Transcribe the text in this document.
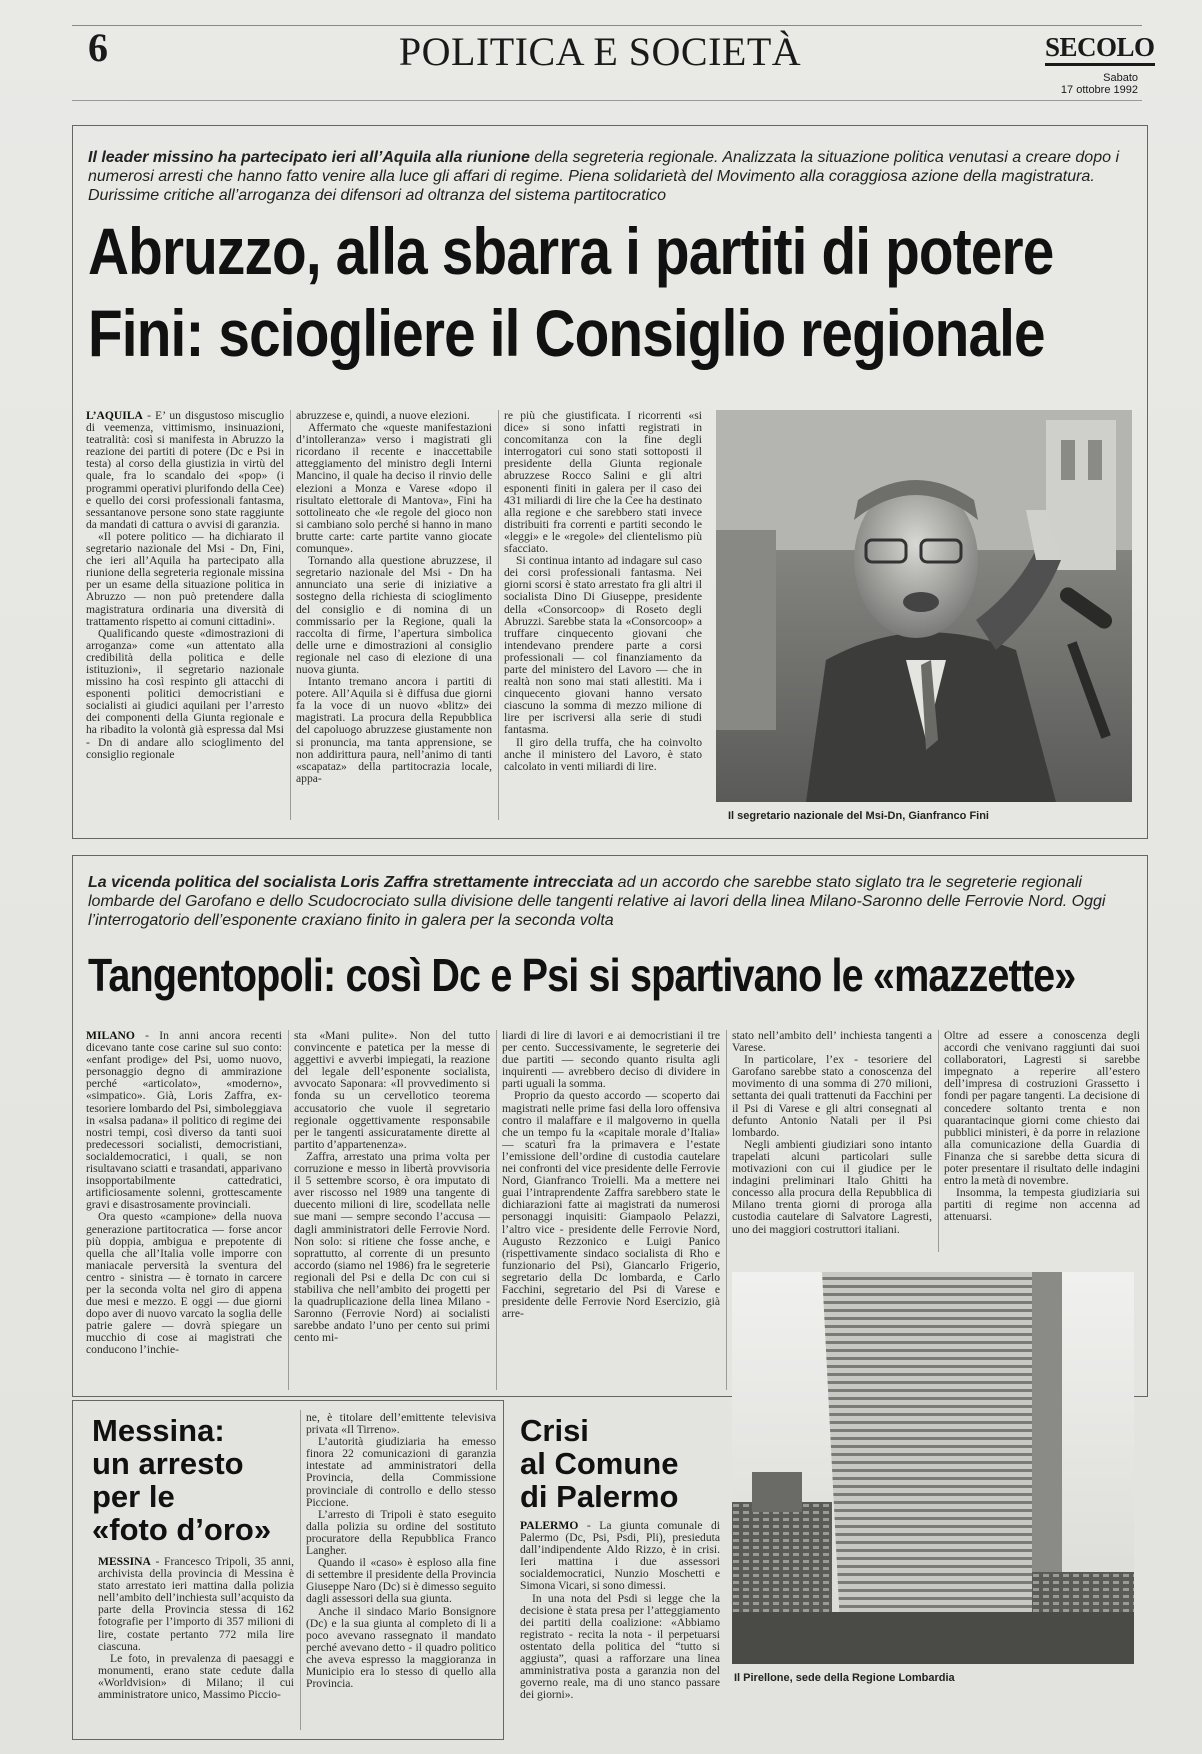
6	POLITICA E SOCIETÀ	SECOLO
Sabato
17 ottobre 1992
Il leader missino ha partecipato ieri all’Aquila alla riunione della segreteria regionale. Analizzata la situazione politica venutasi a creare dopo i numerosi arresti che hanno fatto venire alla luce gli affari di regime. Piena solidarietà del Movimento alla coraggiosa azione della magistratura. Durissime critiche all’arroganza dei difensori ad oltranza del sistema partitocratico
Abruzzo, alla sbarra i partiti di potere
Fini: sciogliere il Consiglio regionale

L’AQUILA - E’ un disgustoso miscuglio di veemenza, vittimismo, insinuazioni, teatralità: così si manifesta in Abruzzo la reazione dei partiti di potere (Dc e Psi in testa) al corso della giustizia in virtù del quale, fra lo scandalo dei «pop» (i programmi operativi plurifondo della Cee) e quello dei corsi professionali fantasma, sessantanove persone sono state raggiunte da mandati di cattura o avvisi di garanzia.

«Il potere politico — ha dichiarato il segretario nazionale del Msi - Dn, Fini, che ieri all’Aquila ha partecipato alla riunione della segreteria regionale missina per un esame della situazione politica in Abruzzo — non può pretendere dalla magistratura ordinaria una diversità di trattamento rispetto ai comuni cittadini».

Qualificando queste «dimostrazioni di arroganza» come «un attentato alla credibilità della politica e delle istituzioni», il segretario nazionale missino ha così respinto gli attacchi di esponenti politici democristiani e socialisti ai giudici aquilani per l’arresto dei componenti della Giunta regionale e ha ribadito la volontà già espressa dal Msi - Dn di andare allo scioglimento del consiglio regionale

abruzzese e, quindi, a nuove elezioni.

Affermato che «queste manifestazioni d’intolleranza» verso i magistrati gli ricordano il recente e inaccettabile atteggiamento del ministro degli Interni Mancino, il quale ha deciso il rinvio delle elezioni a Monza e Varese «dopo il risultato elettorale di Mantova», Fini ha sottolineato che «le regole del gioco non si cambiano solo perché si hanno in mano brutte carte: carte partite vanno giocate comunque».

Tornando alla questione abruzzese, il segretario nazionale del Msi - Dn ha annunciato una serie di iniziative a sostegno della richiesta di scioglimento del consiglio e di nomina di un commissario per la Regione, quali la raccolta di firme, l’apertura simbolica delle urne e dimostrazioni al consiglio regionale nel caso di elezione di una nuova giunta.

Intanto tremano ancora i partiti di potere. All’Aquila si è diffusa due giorni fa la voce di un nuovo «blitz» dei magistrati. La procura della Repubblica del capoluogo abruzzese giustamente non si pronuncia, ma tanta apprensione, se non addirittura paura, nell’animo di tanti «scapataz» della partitocrazia locale, appa-

re più che giustificata. I ricorrenti «si dice» si sono infatti registrati in concomitanza con la fine degli interrogatori cui sono stati sottoposti il presidente della Giunta regionale abruzzese Rocco Salini e gli altri esponenti finiti in galera per il caso dei 431 miliardi di lire che la Cee ha destinato alla regione e che sarebbero stati invece distribuiti fra correnti e partiti secondo le «leggi» e le «regole» del clientelismo più sfacciato.

Si continua intanto ad indagare sul caso dei corsi professionali fantasma. Nei giorni scorsi è stato arrestato fra gli altri il socialista Dino Di Giuseppe, presidente della «Consorcoop» di Roseto degli Abruzzi. Sarebbe stata la «Consorcoop» a truffare cinquecento giovani che intendevano prendere parte a corsi professionali — col finanziamento da parte del ministero del Lavoro — che in realtà non sono mai stati allestiti. Ma i cinquecento giovani hanno versato ciascuno la somma di mezzo milione di lire per iscriversi alla serie di studi fantasma.

Il giro della truffa, che ha coinvolto anche il ministero del Lavoro, è stato calcolato in venti miliardi di lire.

Il segretario nazionale del Msi-Dn, Gianfranco Fini
La vicenda politica del socialista Loris Zaffra strettamente intrecciata ad un accordo che sarebbe stato siglato tra le segreterie regionali lombarde del Garofano e dello Scudocrociato sulla divisione delle tangenti relative ai lavori della linea Milano-Saronno delle Ferrovie Nord. Oggi l’interrogatorio dell’esponente craxiano finito in galera per la seconda volta
Tangentopoli: così Dc e Psi si spartivano le «mazzette»

MILANO - In anni ancora recenti dicevano tante cose carine sul suo conto: «enfant prodige» del Psi, uomo nuovo, personaggio degno di ammirazione perché «articolato», «moderno», «simpatico». Già, Loris Zaffra, ex-tesoriere lombardo del Psi, simboleggiava in «salsa padana» il politico di regime dei nostri tempi, così diverso da tanti suoi predecessori socialisti, democristiani, socialdemocratici, i quali, se non risultavano sciatti e trasandati, apparivano insopportabilmente cattedratici, artificiosamente solenni, grottescamente gravi e disastrosamente provinciali.

Ora questo «campione» della nuova generazione partitocratica — forse ancor più doppia, ambigua e prepotente di quella che all’Italia volle imporre con maniacale perversità la sventura del centro - sinistra — è tornato in carcere per la seconda volta nel giro di appena due mesi e mezzo. E oggi — due giorni dopo aver di nuovo varcato la soglia delle patrie galere — dovrà spiegare un mucchio di cose ai magistrati che conducono l’inchie-

sta «Mani pulite». Non del tutto convincente e patetica per la messe di aggettivi e avverbi impiegati, la reazione del legale dell’esponente socialista, avvocato Saponara: «Il provvedimento si fonda su un cervellotico teorema accusatorio che vuole il segretario regionale oggettivamente responsabile per le tangenti assicuratamente dirette al partito d’appartenenza».

Zaffra, arrestato una prima volta per corruzione e messo in libertà provvisoria il 5 settembre scorso, è ora imputato di aver riscosso nel 1989 una tangente di duecento milioni di lire, scodellata nelle sue mani — sempre secondo l’accusa — dagli amministratori delle Ferrovie Nord. Non solo: si ritiene che fosse anche, e soprattutto, al corrente di un presunto accordo (siamo nel 1986) fra le segreterie regionali del Psi e della Dc con cui si stabiliva che nell’ambito dei progetti per la quadruplicazione della linea Milano - Saronno (Ferrovie Nord) ai socialisti sarebbe andato l’uno per cento sui primi cento mi-

liardi di lire di lavori e ai democristiani il tre per cento. Successivamente, le segreterie dei due partiti — secondo quanto risulta agli inquirenti — avrebbero deciso di dividere in parti uguali la somma.

Proprio da questo accordo — scoperto dai magistrati nelle prime fasi della loro offensiva contro il malaffare e il malgoverno in quella che un tempo fu la «capitale morale d’Italia» — scaturì fra la primavera e l’estate l’emissione dell’ordine di custodia cautelare nei confronti del vice presidente delle Ferrovie Nord, Gianfranco Troielli. Ma a mettere nei guai l’intraprendente Zaffra sarebbero state le dichiarazioni fatte ai magistrati da numerosi personaggi inquisiti: Giampaolo Pelazzi, l’altro vice - presidente delle Ferrovie Nord, Augusto Rezzonico e Luigi Panico (rispettivamente sindaco socialista di Rho e funzionario del Psi), Giancarlo Frigerio, segretario della Dc lombarda, e Carlo Facchini, segretario del Psi di Varese e presidente delle Ferrovie Nord Esercizio, già arre-

stato nell’ambito dell’ inchiesta tangenti a Varese.

In particolare, l’ex - tesoriere del Garofano sarebbe stato a conoscenza del movimento di una somma di 270 milioni, settanta dei quali trattenuti da Facchini per il Psi di Varese e gli altri consegnati al defunto Antonio Natali per il Psi lombardo.

Negli ambienti giudiziari sono intanto trapelati alcuni particolari sulle motivazioni con cui il giudice per le indagini preliminari Italo Ghitti ha concesso alla procura della Repubblica di Milano trenta giorni di proroga alla custodia cautelare di Salvatore Lagresti, uno dei maggiori costruttori italiani.

Oltre ad essere a conoscenza degli accordi che venivano raggiunti dai suoi collaboratori, Lagresti si sarebbe impegnato a reperire all’estero dell’impresa di costruzioni Grassetto i fondi per pagare tangenti. La decisione di concedere soltanto trenta e non quarantacinque giorni come chiesto dai pubblici ministeri, è da porre in relazione alla comunicazione della Guardia di Finanza che si sarebbe detta sicura di poter presentare il risultato delle indagini entro la metà di novembre.

Insomma, la tempesta giudiziaria sui partiti di regime non accenna ad attenuarsi.

Il Pirellone, sede della Regione Lombardia
Messina:
un arresto
per le
«foto d’oro»

MESSINA - Francesco Tripoli, 35 anni, archivista della provincia di Messina è stato arrestato ieri mattina dalla polizia nell’ambito dell’inchiesta sull’acquisto da parte della Provincia stessa di 162 fotografie per l’importo di 357 milioni di lire, costate pertanto 772 mila lire ciascuna.

Le foto, in prevalenza di paesaggi e monumenti, erano state cedute dalla «Worldvision» di Milano; il cui amministratore unico, Massimo Piccio-

ne, è titolare dell’emittente televisiva privata «Il Tirreno».

L’autorità giudiziaria ha emesso finora 22 comunicazioni di garanzia intestate ad amministratori della Provincia, della Commissione provinciale di controllo e dello stesso Piccione.

L’arresto di Tripoli è stato eseguito dalla polizia su ordine del sostituto procuratore della Repubblica Franco Langher.

Quando il «caso» è esploso alla fine di settembre il presidente della Provincia Giuseppe Naro (Dc) si è dimesso seguito dagli assessori della sua giunta.

Anche il sindaco Mario Bonsignore (Dc) e la sua giunta al completo di li a poco avevano rassegnato il mandato perché avevano detto - il quadro politico che aveva espresso la maggioranza in Municipio era lo stesso di quello alla Provincia.

Crisi
al Comune
di Palermo

PALERMO - La giunta comunale di Palermo (Dc, Psi, Psdi, Pli), presieduta dall’indipendente Aldo Rizzo, è in crisi. Ieri mattina i due assessori socialdemocratici, Nunzio Moschetti e Simona Vicari, si sono dimessi.

In una nota del Psdi si legge che la decisione è stata presa per l’atteggiamento dei partiti della coalizione: «Abbiamo registrato - recita la nota - il perpetuarsi ostentato della politica del “tutto si aggiusta”, quasi a rafforzare una linea amministrativa posta a garanzia non del governo reale, ma di uno stanco passare dei giorni».
